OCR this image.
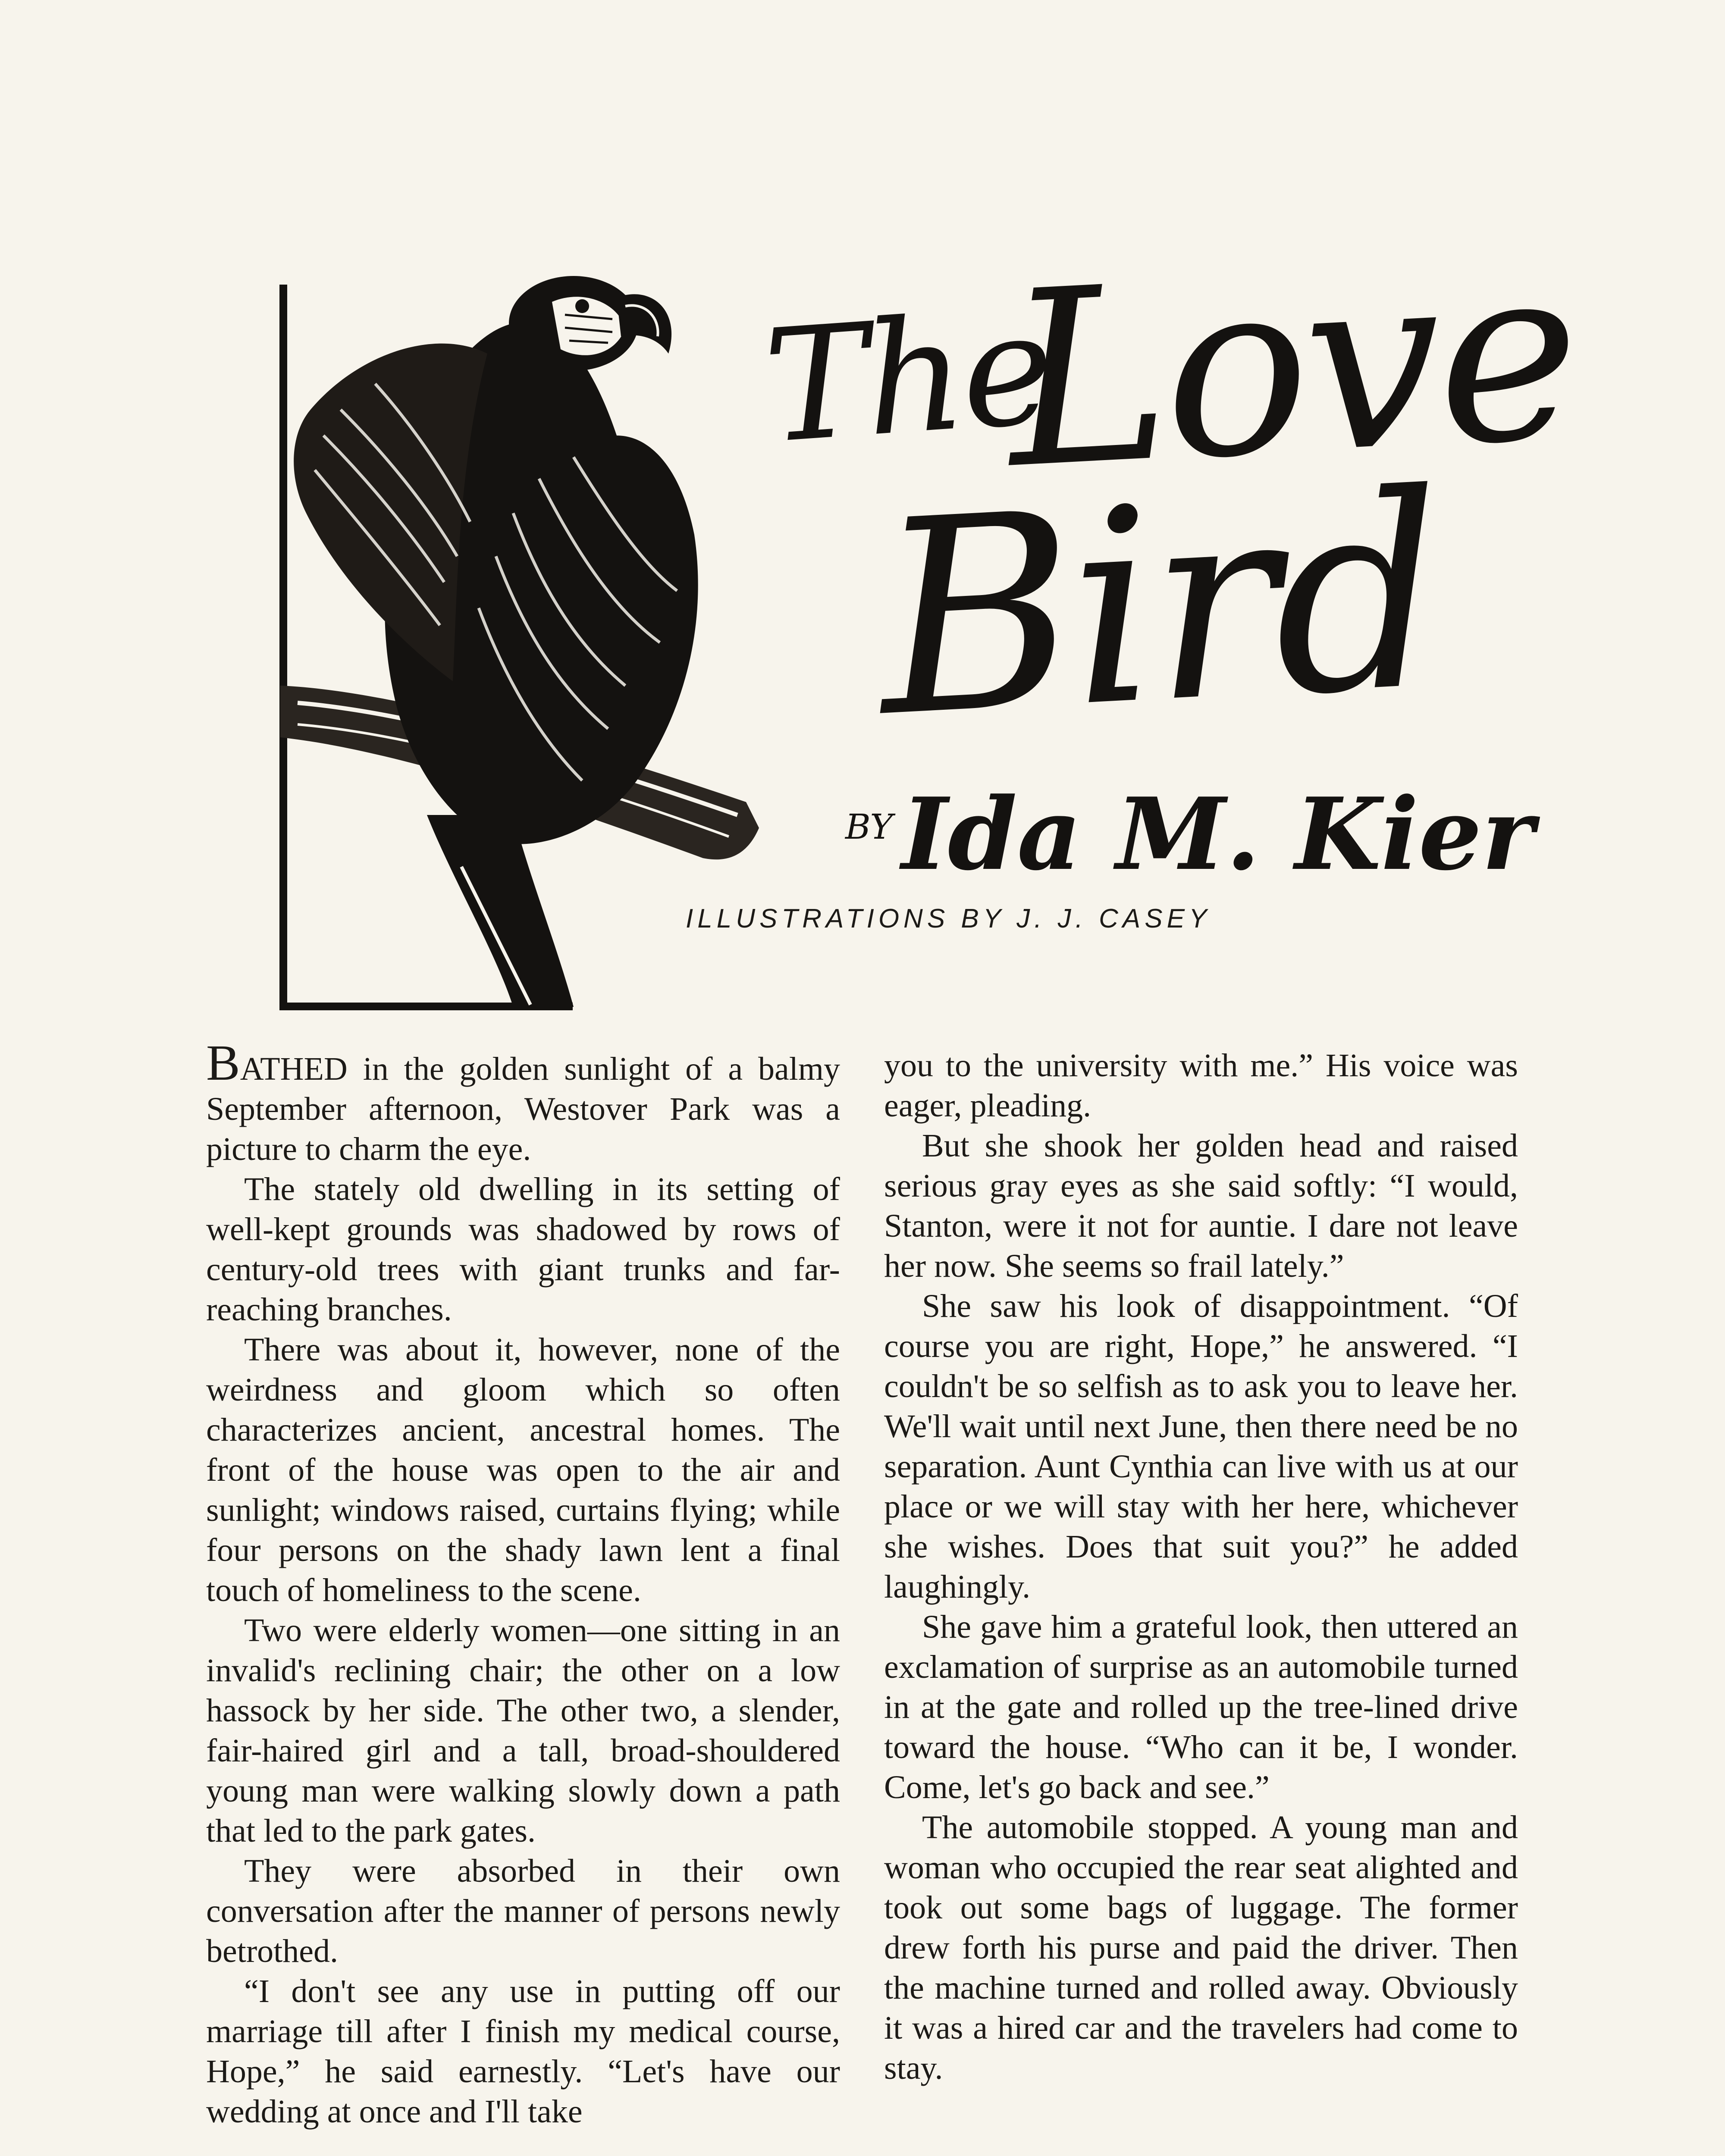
The
Love
Bird
$^{BY}$Ida M. Kier
ILLUSTRATIONS BY J. J. CASEY

BATHED in the golden sunlight of a balmy September afternoon, Westover Park was a picture to charm the eye.

The stately old dwelling in its setting of well-kept grounds was shadowed by rows of century-old trees with giant trunks and far-reaching branches.

There was about it, however, none of the weirdness and gloom which so often characterizes ancient, ancestral homes. The front of the house was open to the air and sunlight; windows raised, curtains flying; while four persons on the shady lawn lent a final touch of homeliness to the scene.

Two were elderly women—one sitting in an invalid's reclining chair; the other on a low hassock by her side. The other two, a slender, fair-haired girl and a tall, broad-shouldered young man were walking slowly down a path that led to the park gates.

They were absorbed in their own conversation after the manner of persons newly betrothed.

“I don't see any use in putting off our marriage till after I finish my medical course, Hope,” he said earnestly. “Let's have our wedding at once and I'll take

you to the university with me.” His voice was eager, pleading.

But she shook her golden head and raised serious gray eyes as she said softly: “I would, Stanton, were it not for auntie. I dare not leave her now. She seems so frail lately.”

She saw his look of disappointment. “Of course you are right, Hope,” he answered. “I couldn't be so selfish as to ask you to leave her. We'll wait until next June, then there need be no separation. Aunt Cynthia can live with us at our place or we will stay with her here, whichever she wishes. Does that suit you?” he added laughingly.

She gave him a grateful look, then uttered an exclamation of surprise as an automobile turned in at the gate and rolled up the tree-lined drive toward the house. “Who can it be, I wonder. Come, let's go back and see.”

The automobile stopped. A young man and woman who occupied the rear seat alighted and took out some bags of luggage. The former drew forth his purse and paid the driver. Then the machine turned and rolled away. Obviously it was a hired car and the travelers had come to stay.
